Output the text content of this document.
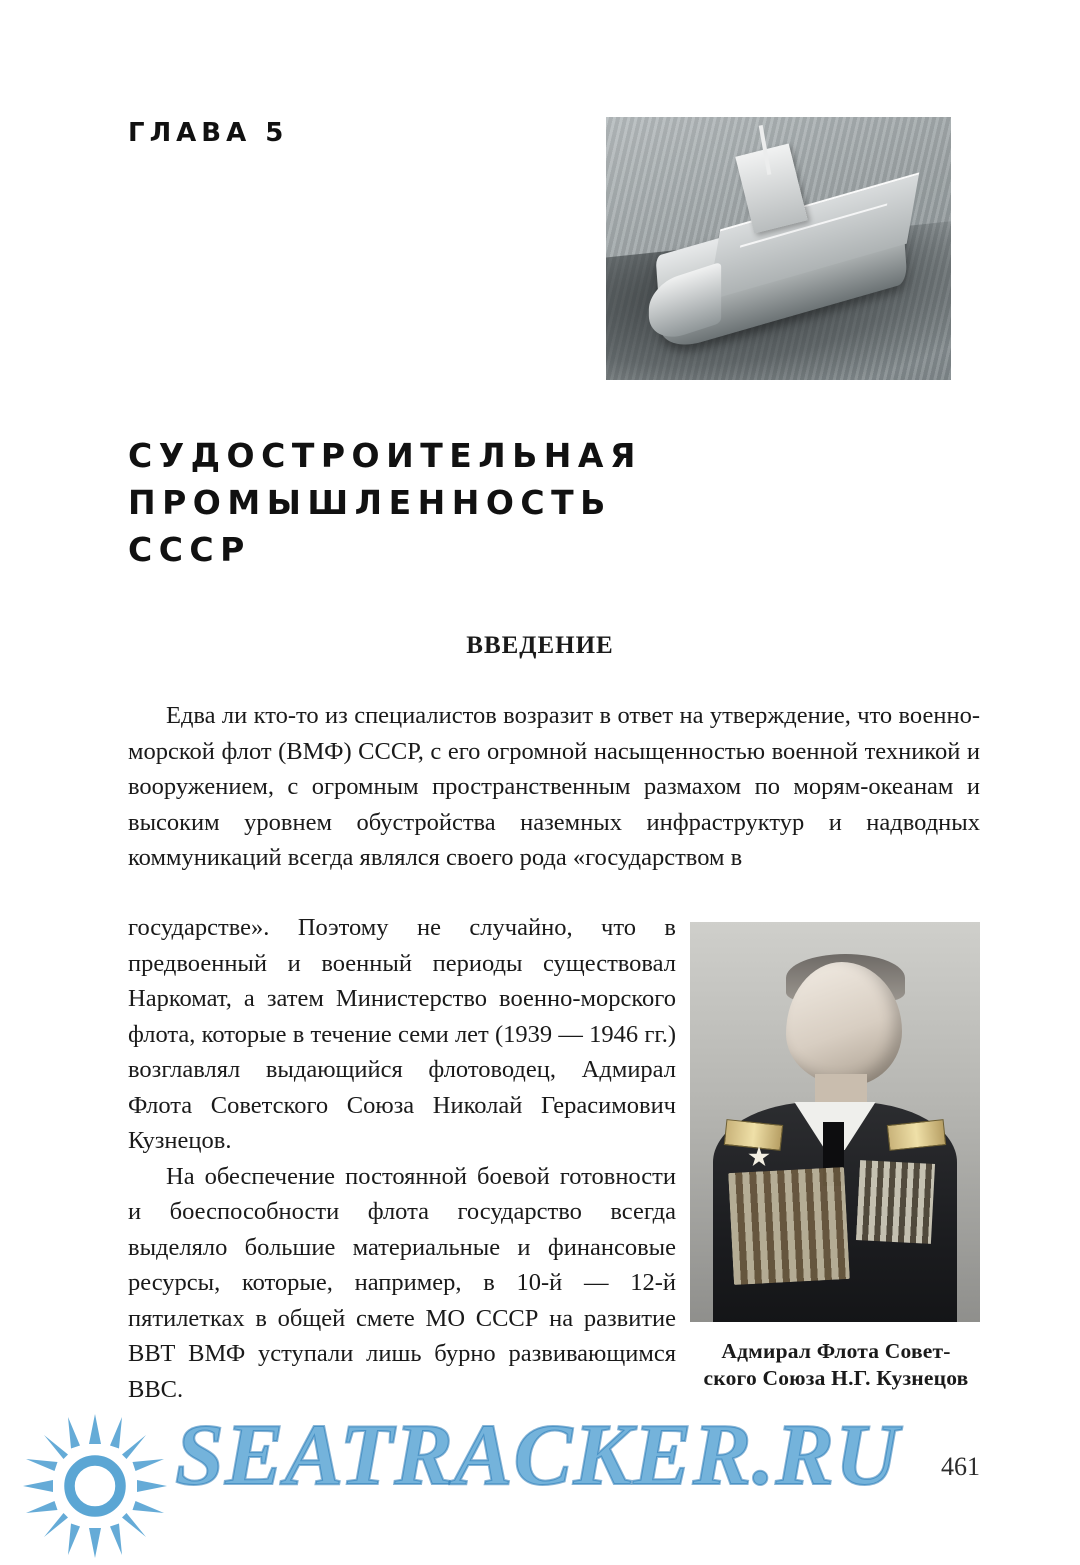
ГЛАВА 5
СУДОСТРОИТЕЛЬНАЯ
ПРОМЫШЛЕННОСТЬ
СССР
ВВЕДЕНИЕ

Едва ли кто-то из специалистов возразит в ответ на утверждение, что военно-морской флот (ВМФ) СССР, с его огромной насыщенностью военной техникой и вооружением, с огромным пространственным размахом по морям-океанам и высоким уровнем обустройства наземных инфраструктур и надводных коммуникаций всегда являлся своего рода «государством в

государстве». Поэтому не случайно, что в предвоенный и военный периоды существовал Наркомат, а затем Министерство военно-морского флота, которые в течение семи лет (1939 — 1946 гг.) возглавлял выдающийся флотоводец, Адмирал Флота Советского Союза Николай Герасимович Кузнецов.

На обеспечение постоянной боевой готовности и боеспособности флота государство всегда выделяло большие материальные и финансовые ресурсы, которые, например, в 10-й — 12-й пятилетках в общей смете МО СССР на развитие ВВТ ВМФ уступали лишь бурно развивающимся ВВС.

Адмирал Флота Совет-
ского Союза Н.Г. Кузнецов
461
SEATRACKER.RU
